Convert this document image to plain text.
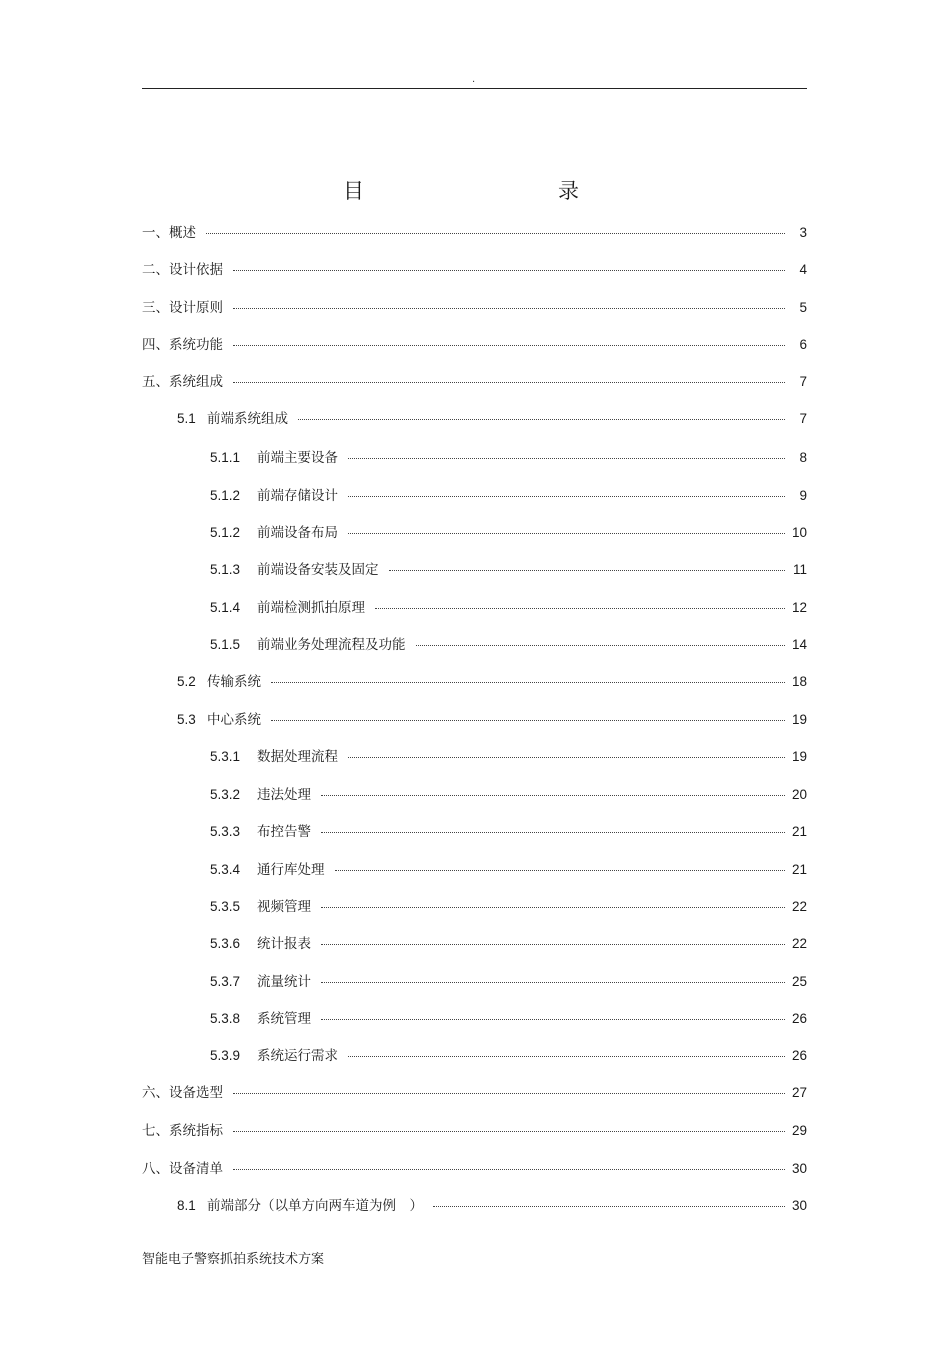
.
目	录
一、概述	3
二、设计依据	4
三、设计原则	5
四、系统功能	6
五、系统组成	7
5.1 前端系统组成	7
5.1.1	前端主要设备	8
5.1.2	前端存储设计	9
5.1.2	前端设备布局	10
5.1.3	前端设备安装及固定	11
5.1.4	前端检测抓拍原理	12
5.1.5	前端业务处理流程及功能	14
5.2 传输系统	18
5.3 中心系统	19
5.3.1	数据处理流程	19
5.3.2	违法处理	20
5.3.3	布控告警	21
5.3.4	通行库处理	21
5.3.5	视频管理	22
5.3.6	统计报表	22
5.3.7	流量统计	25
5.3.8	系统管理	26
5.3.9	系统运行需求	26
六、设备选型	27
七、系统指标	29
八、设备清单	30
8.1 前端部分（以单方向两车道为例　）	30
智能电子警察抓拍系统技术方案
